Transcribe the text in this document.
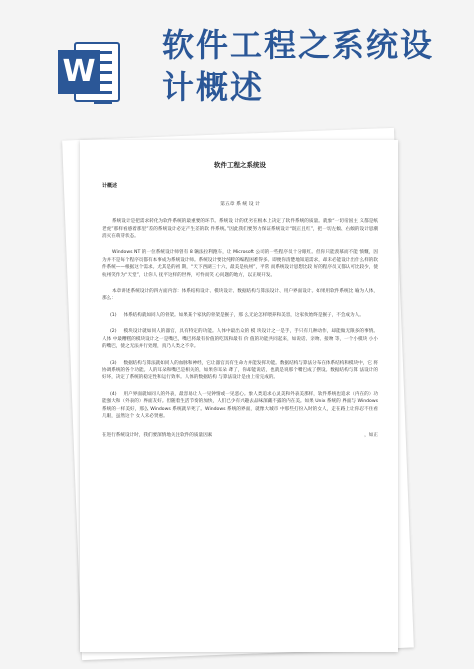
W
软件工程之系统设
计概述
软件工程之系统设
计概述
第五章 系 统 设 计

系统设计是把需求转化为软件系统的最重要的环节。系统设 计的优劣在根本上决定了软件系统的质量。就象“一切帝国主 义都是纸老虎”那样看感着那里”差的系统设计必定产生差的软 件系统。”因此我们要努力保证系统设计“既正且红”，把一切左倾、右倾的设计思潮消灭在萌芽状态。

Windows NT 的一位系统设计师曾有 8 辆法拉利跑车，让 Microsoft 公司的一些程序员十分眼红。但你只能羡慕而不能 愤慨，因为并不是每个程序员都有本事成为系统设计师。系统设计要比纯粹的编程困难得多。即便你清楚地知道需求，却未必能设计出什么样的软件系统——根据这个需求。尤其是的初 期，“天下西湖三十六，最美是杭州”，平常 而系统设计思想比较 好的程序员又都认可比较少，使杭州笑作为“天堂”，让你人 抚平这样的世界，可怜而笑 心问题的地方，以正规开发。

本章讲述系统设计的四方面内容：体系结构设计、模块设计、数据结构与算法设计、用户界面设计。如果用软件系统比 喻为人体，那么：

(1) 体系结构就如同人的骨架。如果某个家伙的骨架是猴子，那 么无论怎样喂养和美容，这家伙始终是猴子，不会成为人。

(2) 模块设计就如同人的器官，具有特定的功能。人体中最出众的 模 块设计之一是手，手只有几种动作，却能做无限多的事情。人体 中最糟糕的模块设计之一是嘴巴，嘴巴将最有价值的吃饭和最有 价 值的功能共同起来，如说话、亲吻、接吻 等，一个小模块 小小 的嘴巴，使之无法并行处理，真乃人类之不幸。

(3) 数据结构与算法就如同人的血脉和神经，它让器官具有生命力并能发挥功能。数据结构与算法分布在体系结构和模块中，它 将协调系统的各个功能。人的耳朵和嘴巴是相关的，如果你耳朵 聋了，你却能说话，也就是说那个嘴巴成了摆设。数据结构与算 法设计的好坏，决定了系统的稳定性和运行效率。人体的数据结构 与算法设计是由上帝完成的。

(4) 用户界面就如同人的外表，最容易让人一见钟情或一见恶心。象人类追求心灵美和外表美那样，软件系统也追求（内在的）功能强大和（外表的）界面友好。但随着生活节奏的加快，人们已少有兴趣去品味深藏不露的内在美。如果 Unix 系统的 界面与 Windows 系统的一样美好，那么 Windows 系统就早死了。Windows 系统的界面，就像大城市 中那些打扮入时的女人，走在路上让你忍不住看几眼，虽然这个 女人未必贤惠。

在进行系统设计时，我们要深情地关注软件的质量因素	，如正
